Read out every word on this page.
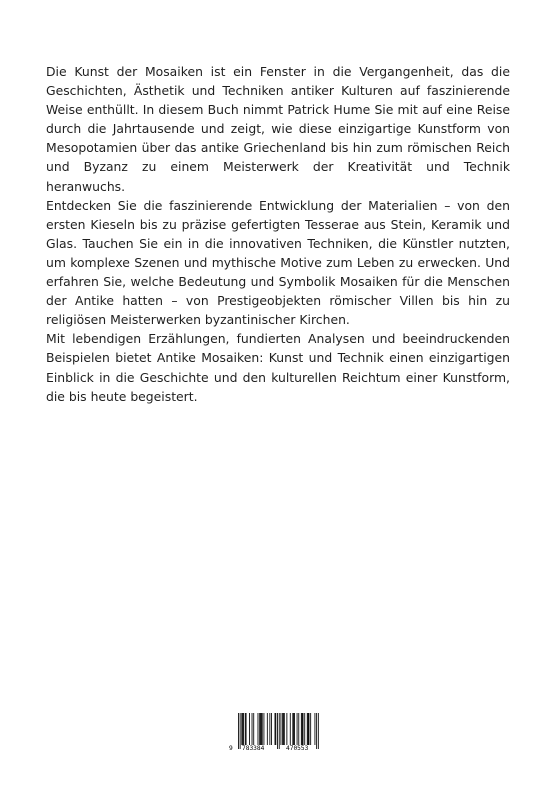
Die Kunst der Mosaiken ist ein Fenster in die Vergangenheit, das die Geschichten, Ästhetik und Techniken antiker Kulturen auf faszinierende Weise enthüllt. In diesem Buch nimmt Patrick Hume Sie mit auf eine Reise durch die Jahrtausende und zeigt, wie diese einzigartige Kunstform von Mesopotamien über das antike Griechenland bis hin zum römischen Reich und Byzanz zu einem Meisterwerk der Kreativität und Technik heranwuchs.

Entdecken Sie die faszinierende Entwicklung der Materialien – von den ersten Kieseln bis zu präzise gefertigten Tesserae aus Stein, Keramik und Glas. Tauchen Sie ein in die innovativen Techniken, die Künstler nutzten, um komplexe Szenen und mythische Motive zum Leben zu erwecken. Und erfahren Sie, welche Bedeutung und Symbolik Mosaiken für die Menschen der Antike hatten – von Prestigeobjekten römischer Villen bis hin zu religiösen Meisterwerken byzantinischer Kirchen.

Mit lebendigen Erzählungen, fundierten Analysen und beeindruckenden Beispielen bietet Antike Mosaiken: Kunst und Technik einen einzigartigen Einblick in die Geschichte und den kulturellen Reichtum einer Kunstform, die bis heute begeistert.

9 783384	470553
